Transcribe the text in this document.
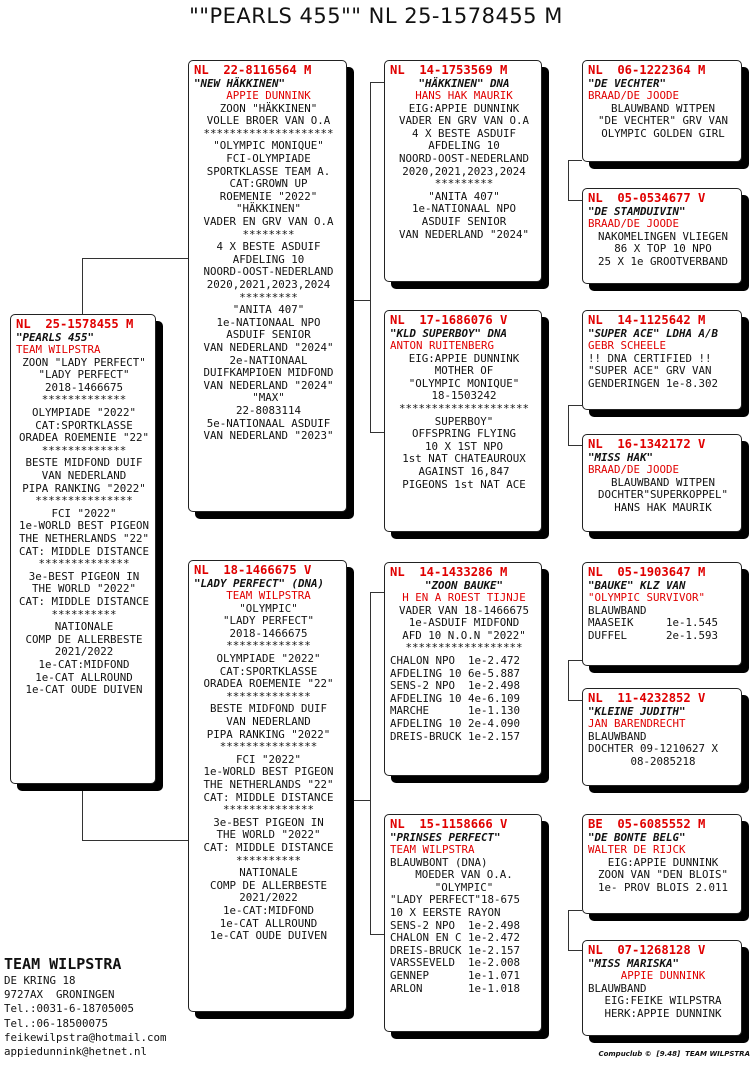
""PEARLS 455"" NL 25-1578455 M
NL  25-1578455 M
"PEARLS 455"
TEAM WILPSTRA
ZOON "LADY PERFECT"
"LADY PERFECT"
2018-1466675
*************
OLYMPIADE "2022"
CAT:SPORTKLASSE
ORADEA ROEMENIE "22"
*************
BESTE MIDFOND DUIF
VAN NEDERLAND
PIPA RANKING "2022"
***************
FCI "2022"
1e-WORLD BEST PIGEON
THE NETHERLANDS "22"
CAT: MIDDLE DISTANCE
**************
3e-BEST PIGEON IN
THE WORLD "2022"
CAT: MIDDLE DISTANCE
**********
NATIONALE
COMP DE ALLERBESTE
2021/2022
1e-CAT:MIDFOND
1e-CAT ALLROUND
1e-CAT OUDE DUIVEN
NL  22-8116564 M
"NEW HÄKKINEN"
APPIE DUNNINK
ZOON "HÄKKINEN"
VOLLE BROER VAN O.A
********************
"OLYMPIC MONIQUE"
FCI-OLYMPIADE
SPORTKLASSE TEAM A.
CAT:GROWN UP
ROEMENIE "2022"
"HÄKKINEN"
VADER EN GRV VAN O.A
********
4 X BESTE ASDUIF
AFDELING 10
NOORD-OOST-NEDERLAND
2020,2021,2023,2024
*********
"ANITA 407"
1e-NATIONAAL NPO
ASDUIF SENIOR
VAN NEDERLAND "2024"
2e-NATIONAAL
DUIFKAMPIOEN MIDFOND
VAN NEDERLAND "2024"
"MAX"
22-8083114
5e-NATIONAAL ASDUIF
VAN NEDERLAND "2023"
NL  18-1466675 V
"LADY PERFECT" (DNA)
TEAM WILPSTRA
"OLYMPIC"
"LADY PERFECT"
2018-1466675
*************
OLYMPIADE "2022"
CAT:SPORTKLASSE
ORADEA ROEMENIE "22"
*************
BESTE MIDFOND DUIF
VAN NEDERLAND
PIPA RANKING "2022"
***************
FCI "2022"
1e-WORLD BEST PIGEON
THE NETHERLANDS "22"
CAT: MIDDLE DISTANCE
**************
3e-BEST PIGEON IN
THE WORLD "2022"
CAT: MIDDLE DISTANCE
**********
NATIONALE
COMP DE ALLERBESTE
2021/2022
1e-CAT:MIDFOND
1e-CAT ALLROUND
1e-CAT OUDE DUIVEN
NL  14-1753569 M
"HÄKKINEN" DNA
HANS HAK MAURIK
EIG:APPIE DUNNINK
VADER EN GRV VAN O.A
4 X BESTE ASDUIF
AFDELING 10
NOORD-OOST-NEDERLAND
2020,2021,2023,2024
*********
"ANITA 407"
1e-NATIONAAL NPO
ASDUIF SENIOR
VAN NEDERLAND "2024"
NL  17-1686076 V
"KLD SUPERBOY" DNA
ANTON RUITENBERG
EIG:APPIE DUNNINK
MOTHER OF
"OLYMPIC MONIQUE"
18-1503242
********************
SUPERBOY"
OFFSPRING FLYING
10 X 1ST NPO
1st NAT CHATEAUROUX
AGAINST 16,847
PIGEONS 1st NAT ACE
NL  14-1433286 M
"ZOON BAUKE"
H EN A ROEST TIJNJE
VADER VAN 18-1466675
1e-ASDUIF MIDFOND
AFD 10 N.O.N "2022"
******************
CHALON NPO  1e-2.472
AFDELING 10 6e-5.887
SENS-2 NPO  1e-2.498
AFDELING 10 4e-6.109
MARCHE      1e-1.130
AFDELING 10 2e-4.090
DREIS-BRUCK 1e-2.157
NL  15-1158666 V
"PRINSES PERFECT"
TEAM WILPSTRA
BLAUWBONT (DNA)
MOEDER VAN O.A.
"OLYMPIC"
"LADY PERFECT"18-675
10 X EERSTE RAYON
SENS-2 NPO  1e-2.498
CHALON EN C 1e-2.472
DREIS-BRUCK 1e-2.157
VARSSEVELD  1e-2.008
GENNEP      1e-1.071
ARLON       1e-1.018
NL  06-1222364 M
"DE VECHTER"
BRAAD/DE JOODE
BLAUWBAND WITPEN
"DE VECHTER" GRV VAN
OLYMPIC GOLDEN GIRL
NL  05-0534677 V
"DE STAMDUIVIN"
BRAAD/DE JOODE
NAKOMELINGEN VLIEGEN
86 X TOP 10 NPO
25 X 1e GROOTVERBAND
NL  14-1125642 M
"SUPER ACE" LDHA A/B
GEBR SCHEELE
!! DNA CERTIFIED !!
"SUPER ACE" GRV VAN
GENDERINGEN 1e-8.302
NL  16-1342172 V
"MISS HAK"
BRAAD/DE JOODE
BLAUWBAND WITPEN
DOCHTER"SUPERKOPPEL"
HANS HAK MAURIK
NL  05-1903647 M
"BAUKE" KLZ VAN
"OLYMPIC SURVIVOR"
BLAUWBAND
MAASEIK     1e-1.545
DUFFEL      2e-1.593
NL  11-4232852 V
"KLEINE JUDITH"
JAN BARENDRECHT
BLAUWBAND
DOCHTER 09-1210627 X
08-2085218
BE  05-6085552 M
"DE BONTE BELG"
WALTER DE RIJCK
EIG:APPIE DUNNINK
ZOON VAN "DEN BLOIS"
1e- PROV BLOIS 2.011
NL  07-1268128 V
"MISS MARISKA"
APPIE DUNNINK
BLAUWBAND
EIG:FEIKE WILPSTRA
HERK:APPIE DUNNINK
TEAM WILPSTRA
DE KRING 18
9727AX  GRONINGEN
Tel.:0031-6-18705005
Tel.:06-18500075
feikewilpstra@hotmail.com
appiedunnink@hetnet.nl	Compuclub ©  [9.48]  TEAM WILPSTRA
